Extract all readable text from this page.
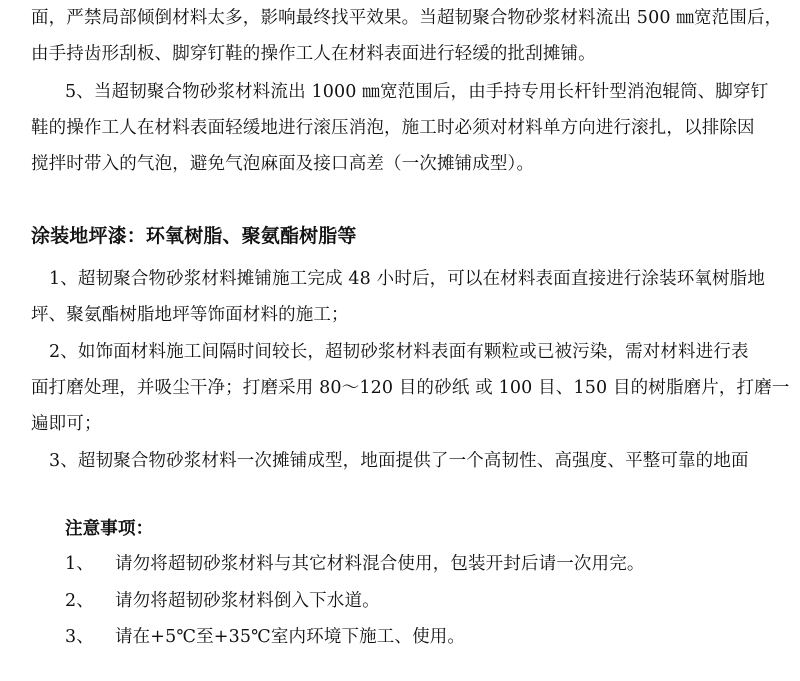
面，严禁局部倾倒材料太多，影响最终找平效果。当超韧聚合物砂浆材料流出 500 ㎜宽范围后，
由手持齿形刮板、脚穿钉鞋的操作工人在材料表面进行轻缓的批刮摊铺。
5、当超韧聚合物砂浆材料流出 1000 ㎜宽范围后，由手持专用长杆针型消泡辊筒、脚穿钉
鞋的操作工人在材料表面轻缓地进行滚压消泡，施工时必须对材料单方向进行滚扎，以排除因
搅拌时带入的气泡，避免气泡麻面及接口高差（一次摊铺成型）。
涂装地坪漆：环氧树脂、聚氨酯树脂等
1、超韧聚合物砂浆材料摊铺施工完成 48 小时后，可以在材料表面直接进行涂装环氧树脂地
坪、聚氨酯树脂地坪等饰面材料的施工；
2、如饰面材料施工间隔时间较长，超韧砂浆材料表面有颗粒或已被污染，需对材料进行表
面打磨处理，并吸尘干净；打磨采用 80～120 目的砂纸 或 100 目、150 目的树脂磨片，打磨一
遍即可；
3、超韧聚合物砂浆材料一次摊铺成型，地面提供了一个高韧性、高强度、平整可靠的地面
注意事项：
1、 请勿将超韧砂浆材料与其它材料混合使用，包装开封后请一次用完。
2、 请勿将超韧砂浆材料倒入下水道。
3、 请在+5℃至+35℃室内环境下施工、使用。
